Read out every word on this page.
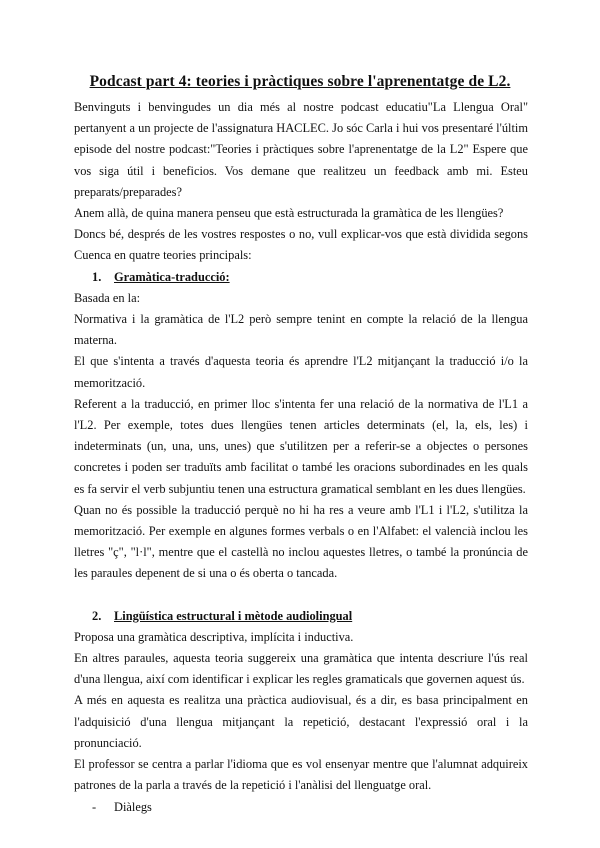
Podcast part 4: teories i pràctiques sobre l'aprenentatge de L2.

Benvinguts i benvingudes un dia més al nostre podcast educatiu"La Llengua Oral" pertanyent a un projecte de l'assignatura HACLEC. Jo sóc Carla i hui vos presentaré l'últim episode del nostre podcast:"Teories i pràctiques sobre l'aprenentatge de la L2" Espere que vos siga útil i beneficios. Vos demane que realitzeu un feedback amb mi. Esteu preparats/preparades?

Anem allà, de quina manera penseu que està estructurada la gramàtica de les llengües?

Doncs bé, després de les vostres respostes o no, vull explicar-vos que està dividida segons Cuenca en quatre teories principals:

1. Gramàtica-traducció:

Basada en la:

Normativa i la gramàtica de l'L2 però sempre tenint en compte la relació de la llengua materna.

El que s'intenta a través d'aquesta teoria és aprendre l'L2 mitjançant la traducció i/o la memorització.

Referent a la traducció, en primer lloc s'intenta fer una relació de la normativa de l'L1 a l'L2. Per exemple, totes dues llengües tenen articles determinats (el, la, els, les) i indeterminats (un, una, uns, unes) que s'utilitzen per a referir-se a objectes o persones concretes i poden ser traduïts amb facilitat o també les oracions subordinades en les quals es fa servir el verb subjuntiu tenen una estructura gramatical semblant en les dues llengües.

Quan no és possible la traducció perquè no hi ha res a veure amb l'L1 i l'L2, s'utilitza la memorització. Per exemple en algunes formes verbals o en l'Alfabet: el valencià inclou les lletres "ç", "l·l", mentre que el castellà no inclou aquestes lletres, o també la pronúncia de les paraules depenent de si una o és oberta o tancada.

2. Lingüística estructural i mètode audiolingual

Proposa una gramàtica descriptiva, implícita i inductiva.

En altres paraules, aquesta teoria suggereix una gramàtica que intenta descriure l'ús real d'una llengua, així com identificar i explicar les regles gramaticals que governen aquest ús.

A més en aquesta es realitza una pràctica audiovisual, és a dir, es basa principalment en l'adquisició d'una llengua mitjançant la repetició, destacant l'expressió oral i la pronunciació.

El professor se centra a parlar l'idioma que es vol ensenyar mentre que l'alumnat adquireix patrones de la parla a través de la repetició i l'anàlisi del llenguatge oral.

- Diàlegs
